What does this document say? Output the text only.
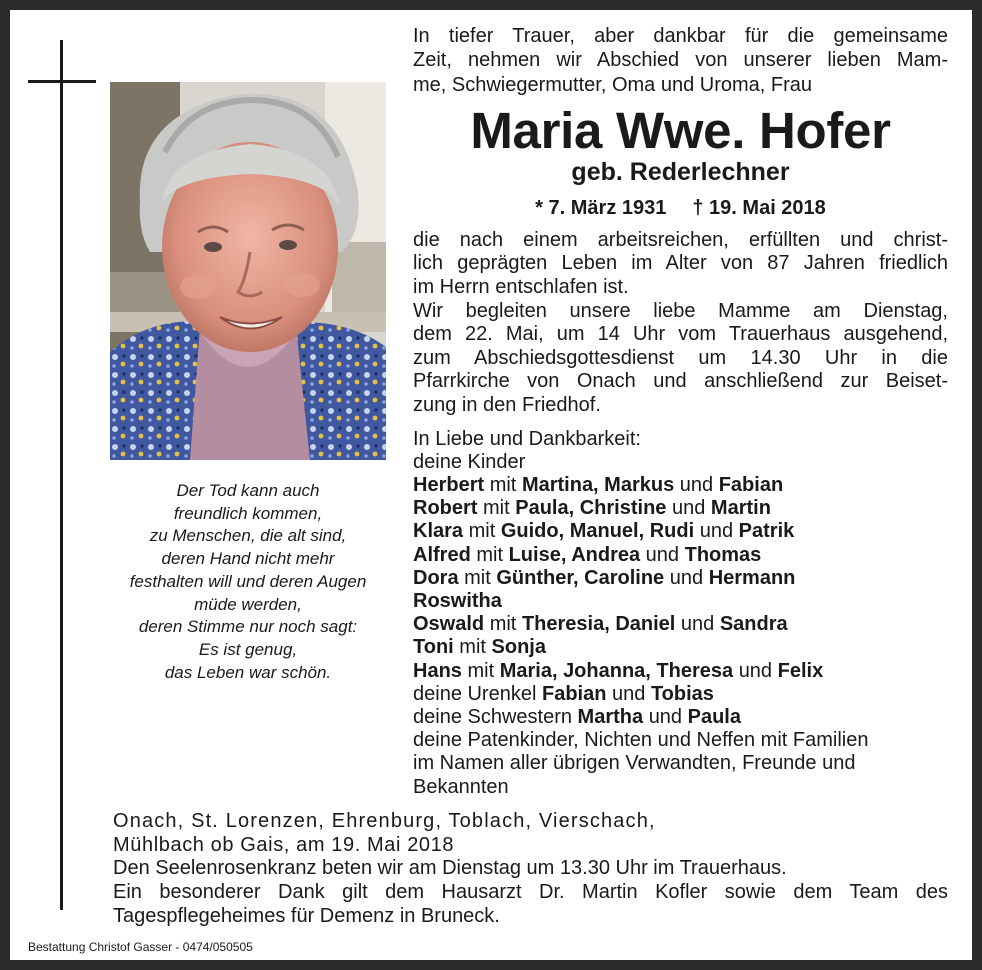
Der Tod kann auch
freundlich kommen,
zu Menschen, die alt sind,
deren Hand nicht mehr
festhalten will und deren Augen
müde werden,
deren Stimme nur noch sagt:
Es ist genug,
das Leben war schön.
In tiefer Trauer, aber dankbar für die gemeinsame
Zeit, nehmen wir Abschied von unserer lieben Mam-
me, Schwiegermutter, Oma und Uroma, Frau
Maria Wwe. Hofer
geb. Rederlechner
* 7. März 1931 † 19. Mai 2018
die nach einem arbeitsreichen, erfüllten und christ-
lich geprägten Leben im Alter von 87 Jahren friedlich
im Herrn entschlafen ist.
Wir begleiten unsere liebe Mamme am Dienstag,
dem 22. Mai, um 14 Uhr vom Trauerhaus ausgehend,
zum Abschiedsgottesdienst um 14.30 Uhr in die
Pfarrkirche von Onach und anschließend zur Beiset-
zung in den Friedhof.
In Liebe und Dankbarkeit:
deine Kinder
Herbert mit Martina, Markus und Fabian
Robert mit Paula, Christine und Martin
Klara mit Guido, Manuel, Rudi und Patrik
Alfred mit Luise, Andrea und Thomas
Dora mit Günther, Caroline und Hermann
Roswitha
Oswald mit Theresia, Daniel und Sandra
Toni mit Sonja
Hans mit Maria, Johanna, Theresa und Felix
deine Urenkel Fabian und Tobias
deine Schwestern Martha und Paula
deine Patenkinder, Nichten und Neffen mit Familien
im Namen aller übrigen Verwandten, Freunde und
Bekannten
Onach, St. Lorenzen, Ehrenburg, Toblach, Vierschach,
Mühlbach ob Gais, am 19. Mai 2018
Den Seelenrosenkranz beten wir am Dienstag um 13.30 Uhr im Trauerhaus.
Ein besonderer Dank gilt dem Hausarzt Dr. Martin Kofler sowie dem Team des
Tagespflegeheimes für Demenz in Bruneck.
Bestattung Christof Gasser - 0474/050505
